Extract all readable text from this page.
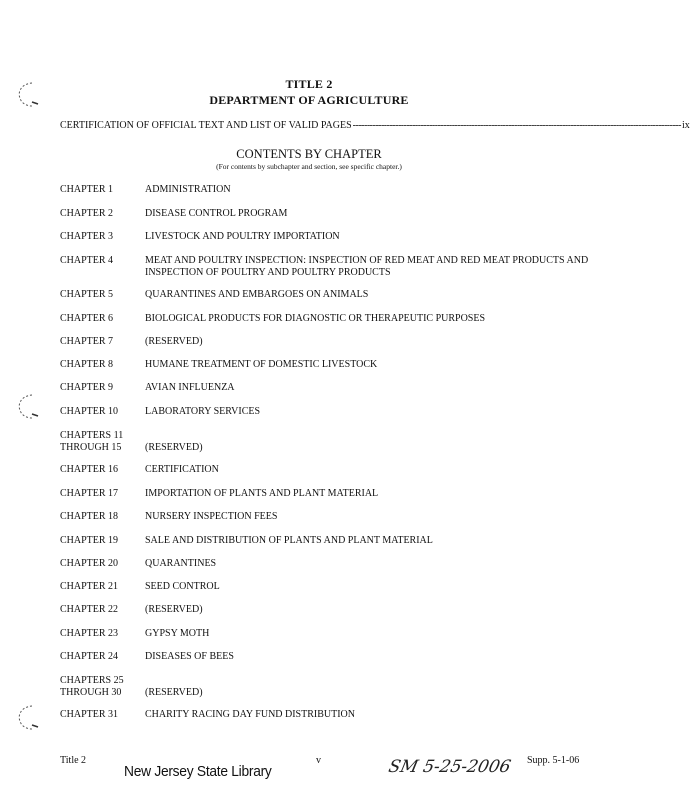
TITLE 2
DEPARTMENT OF AGRICULTURE
CERTIFICATION OF OFFICIAL TEXT AND LIST OF VALID PAGES -------------------------------------------------------------------------------------------------------------------- ix
CONTENTS BY CHAPTER
(For contents by subchapter and section, see specific chapter.)
CHAPTER 1	ADMINISTRATION
CHAPTER 2	DISEASE CONTROL PROGRAM
CHAPTER 3	LIVESTOCK AND POULTRY IMPORTATION
CHAPTER 4	MEAT AND POULTRY INSPECTION: INSPECTION OF RED MEAT AND RED MEAT PRODUCTS AND INSPECTION OF POULTRY AND POULTRY PRODUCTS
CHAPTER 5	QUARANTINES AND EMBARGOES ON ANIMALS
CHAPTER 6	BIOLOGICAL PRODUCTS FOR DIAGNOSTIC OR THERAPEUTIC PURPOSES
CHAPTER 7	(RESERVED)
CHAPTER 8	HUMANE TREATMENT OF DOMESTIC LIVESTOCK
CHAPTER 9	AVIAN INFLUENZA
CHAPTER 10	LABORATORY SERVICES
CHAPTERS 11 THROUGH 15	(RESERVED)
CHAPTER 16	CERTIFICATION
CHAPTER 17	IMPORTATION OF PLANTS AND PLANT MATERIAL
CHAPTER 18	NURSERY INSPECTION FEES
CHAPTER 19	SALE AND DISTRIBUTION OF PLANTS AND PLANT MATERIAL
CHAPTER 20	QUARANTINES
CHAPTER 21	SEED CONTROL
CHAPTER 22	(RESERVED)
CHAPTER 23	GYPSY MOTH
CHAPTER 24	DISEASES OF BEES
CHAPTERS 25 THROUGH 30	(RESERVED)
CHAPTER 31	CHARITY RACING DAY FUND DISTRIBUTION
Title 2	v	Supp. 5-1-06
New Jersey State Library	SM 5-25-2006
